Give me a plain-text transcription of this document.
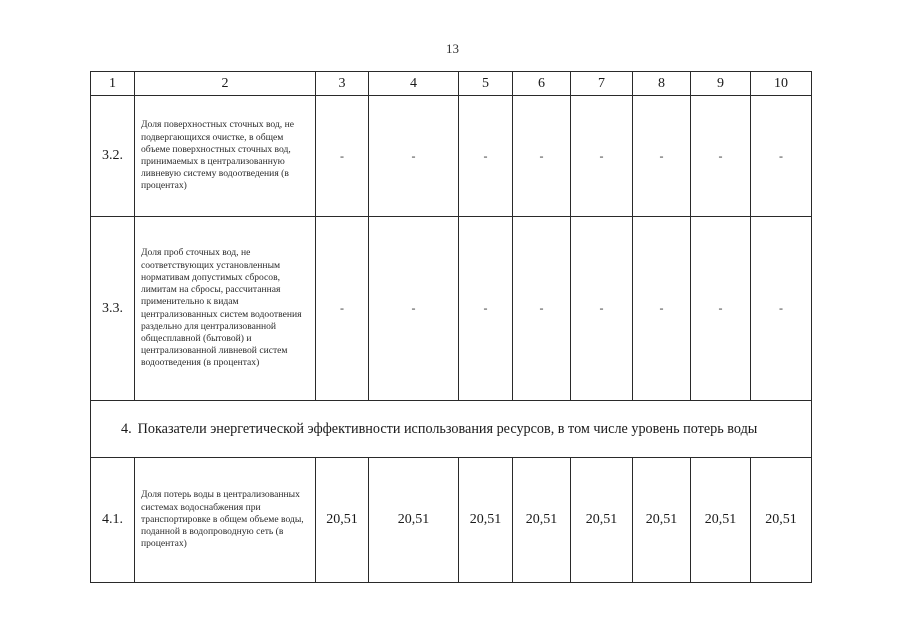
13
1	2	3	4	5	6	7	8	9	10
3.2.	Доля поверхностных сточных вод, не подвергающихся очистке, в общем объеме поверхностных сточных вод, принимаемых в централизованную ливневую систему водоотведения (в процентах)	-	-	-	-	-	-	-	-
3.3.	Доля проб сточных вод, не соответствующих установленным нормативам допустимых сбросов, лимитам на сбросы, рассчитанная применительно к видам централизованных систем водоотвения раздельно для централизованной общесплавной (бытовой) и централизованной ливневой систем водоотведения (в процентах)	-	-	-	-	-	-	-	-
4. Показатели энергетической эффективности использования ресурсов, в том числе уровень потерь воды									
4.1.	Доля потерь воды в централизованных системах водоснабжения при транспортировке в общем объеме воды, поданной в водопроводную сеть (в процентах)	20,51	20,51	20,51	20,51	20,51	20,51	20,51	20,51
